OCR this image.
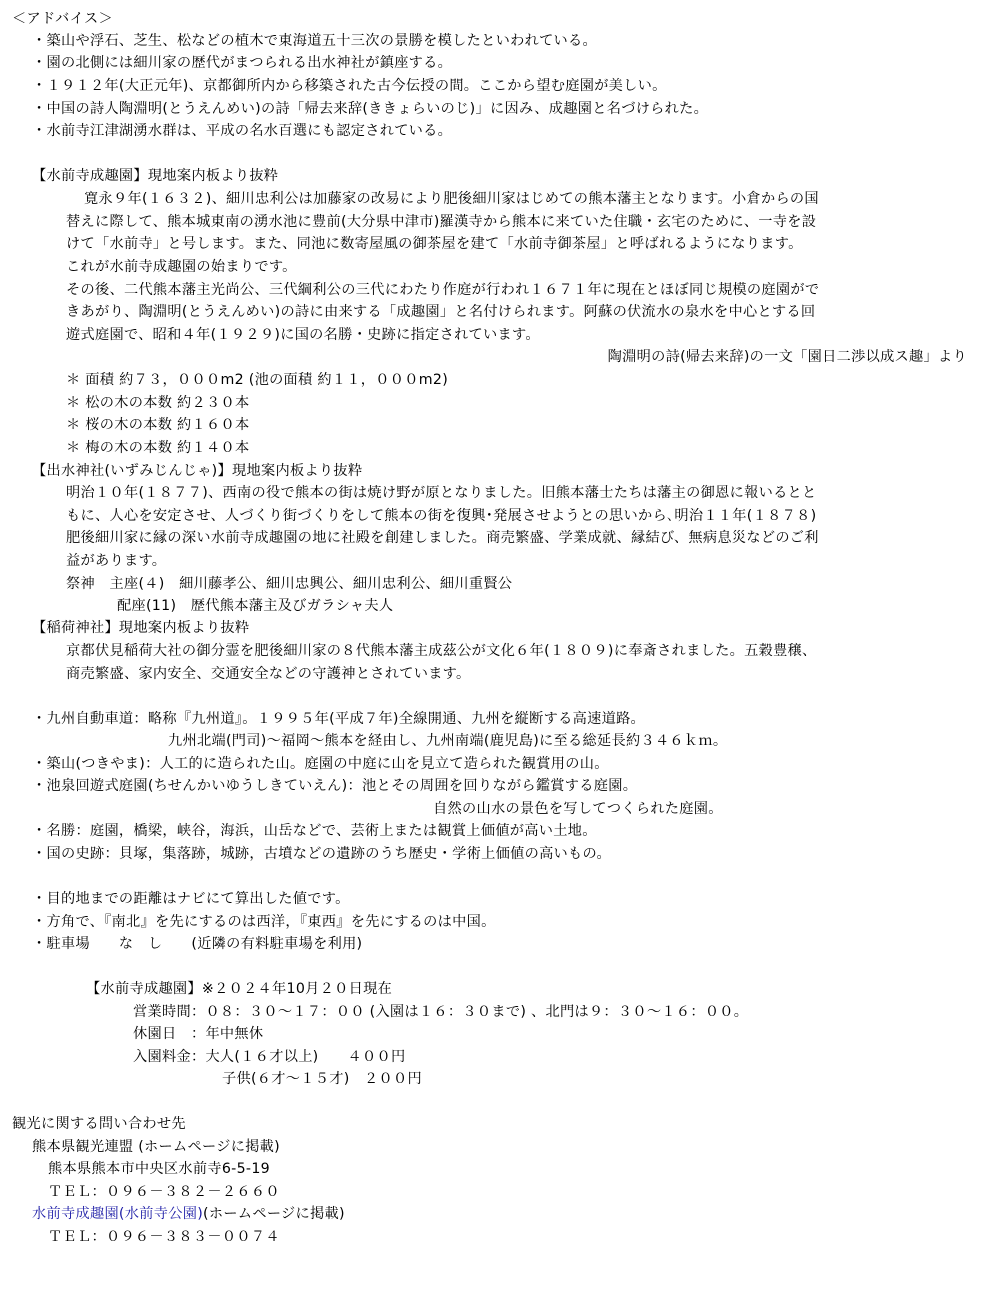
＜アドバイス＞
・築山や浮石、芝生、松などの植木で東海道五十三次の景勝を模したといわれている。
・園の北側には細川家の歴代がまつられる出水神社が鎮座する。
・１９１２年(大正元年)、京都御所内から移築された古今伝授の間。ここから望む庭園が美しい。
・中国の詩人陶淵明(とうえんめい)の詩「帰去来辞(ききょらいのじ)」に因み、成趣園と名づけられた。
・水前寺江津湖湧水群は、平成の名水百選にも認定されている。
【水前寺成趣園】現地案内板より抜粋
寛永９年(１６３２)、細川忠利公は加藤家の改易により肥後細川家はじめての熊本藩主となります。小倉からの国
替えに際して、熊本城東南の湧水池に豊前(大分県中津市)羅漢寺から熊本に来ていた住職・玄宅のために、一寺を設
けて「水前寺」と号します。また、同池に数寄屋風の御茶屋を建て「水前寺御茶屋」と呼ばれるようになります。
これが水前寺成趣園の始まりです。
その後、二代熊本藩主光尚公、三代綱利公の三代にわたり作庭が行われ１６７１年に現在とほぼ同じ規模の庭園がで
きあがり、陶淵明(とうえんめい)の詩に由来する「成趣園」と名付けられます。阿蘇の伏流水の泉水を中心とする回
遊式庭園で、昭和４年(１９２９)に国の名勝・史跡に指定されています。
陶淵明の詩(帰去来辞)の一文「園日二渉以成ス趣」より
＊ 面積 約７３，０００m2 (池の面積 約１１，０００m2)
＊ 松の木の本数 約２３０本
＊ 桜の木の本数 約１６０本
＊ 梅の木の本数 約１４０本
【出水神社(いずみじんじゃ)】現地案内板より抜粋
明治１０年(１８７７)、西南の役で熊本の街は焼け野が原となりました。旧熊本藩士たちは藩主の御恩に報いるとと
もに、人心を安定させ、人づくり街づくりをして熊本の街を復興･発展させようとの思いから､明治１１年(１８７８)
肥後細川家に縁の深い水前寺成趣園の地に社殿を創建しました。商売繁盛、学業成就、縁結び、無病息災などのご利
益があります。
祭神　主座(４)　細川藤孝公、細川忠興公、細川忠利公、細川重賢公
配座(11)　歴代熊本藩主及びガラシャ夫人
【稲荷神社】現地案内板より抜粋
京都伏見稲荷大社の御分霊を肥後細川家の８代熊本藩主成茲公が文化６年(１８０９)に奉斎されました。五穀豊穣、
商売繁盛、家内安全、交通安全などの守護神とされています。
・九州自動車道：略称『九州道』。１９９５年(平成７年)全線開通、九州を縦断する高速道路。
九州北端(門司)～福岡～熊本を経由し、九州南端(鹿児島)に至る総延長約３４６ｋｍ。
・築山(つきやま)：人工的に造られた山。庭園の中庭に山を見立て造られた観賞用の山。
・池泉回遊式庭園(ちせんかいゆうしきていえん)：池とその周囲を回りながら鑑賞する庭園。
自然の山水の景色を写してつくられた庭園。
・名勝：庭園，橋梁，峡谷，海浜，山岳などで、芸術上または観賞上価値が高い土地。
・国の史跡：貝塚，集落跡，城跡，古墳などの遺跡のうち歴史・学術上価値の高いもの。
・目的地までの距離はナビにて算出した値です。
・方角で、『南北』を先にするのは西洋，『東西』を先にするのは中国。
・駐車場　　な　し　　(近隣の有料駐車場を利用)
【水前寺成趣園】※２０２４年10月２０日現在
営業時間：０８：３０～１７：００ (入園は１６：３０まで) 、北門は９：３０～１６：００。
休園日　：年中無休
入園料金：大人(１６才以上)　　４００円
子供(６才～１５才)　２００円
観光に関する問い合わせ先
熊本県観光連盟 (ホームページに掲載)
熊本県熊本市中央区水前寺6-5-19
ＴＥＬ：０９６－３８２－２６６０
水前寺成趣園(水前寺公園)(ホームページに掲載)
ＴＥＬ：０９６－３８３－００７４
